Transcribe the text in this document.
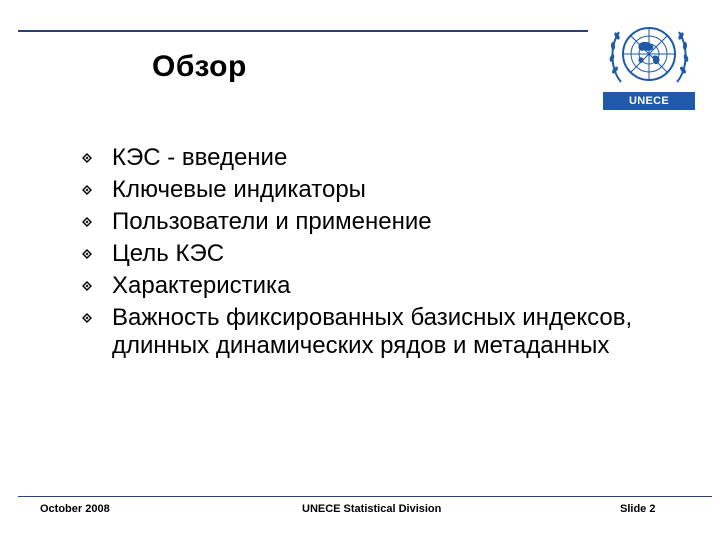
Обзор
UNECE
КЭС - введение
Ключевые индикаторы
Пользователи и применение
Цель КЭС
Характеристика
Важность фиксированных базисных индексов, длинных динамических рядов и метаданных
October 2008	UNECE Statistical Division	Slide 2
